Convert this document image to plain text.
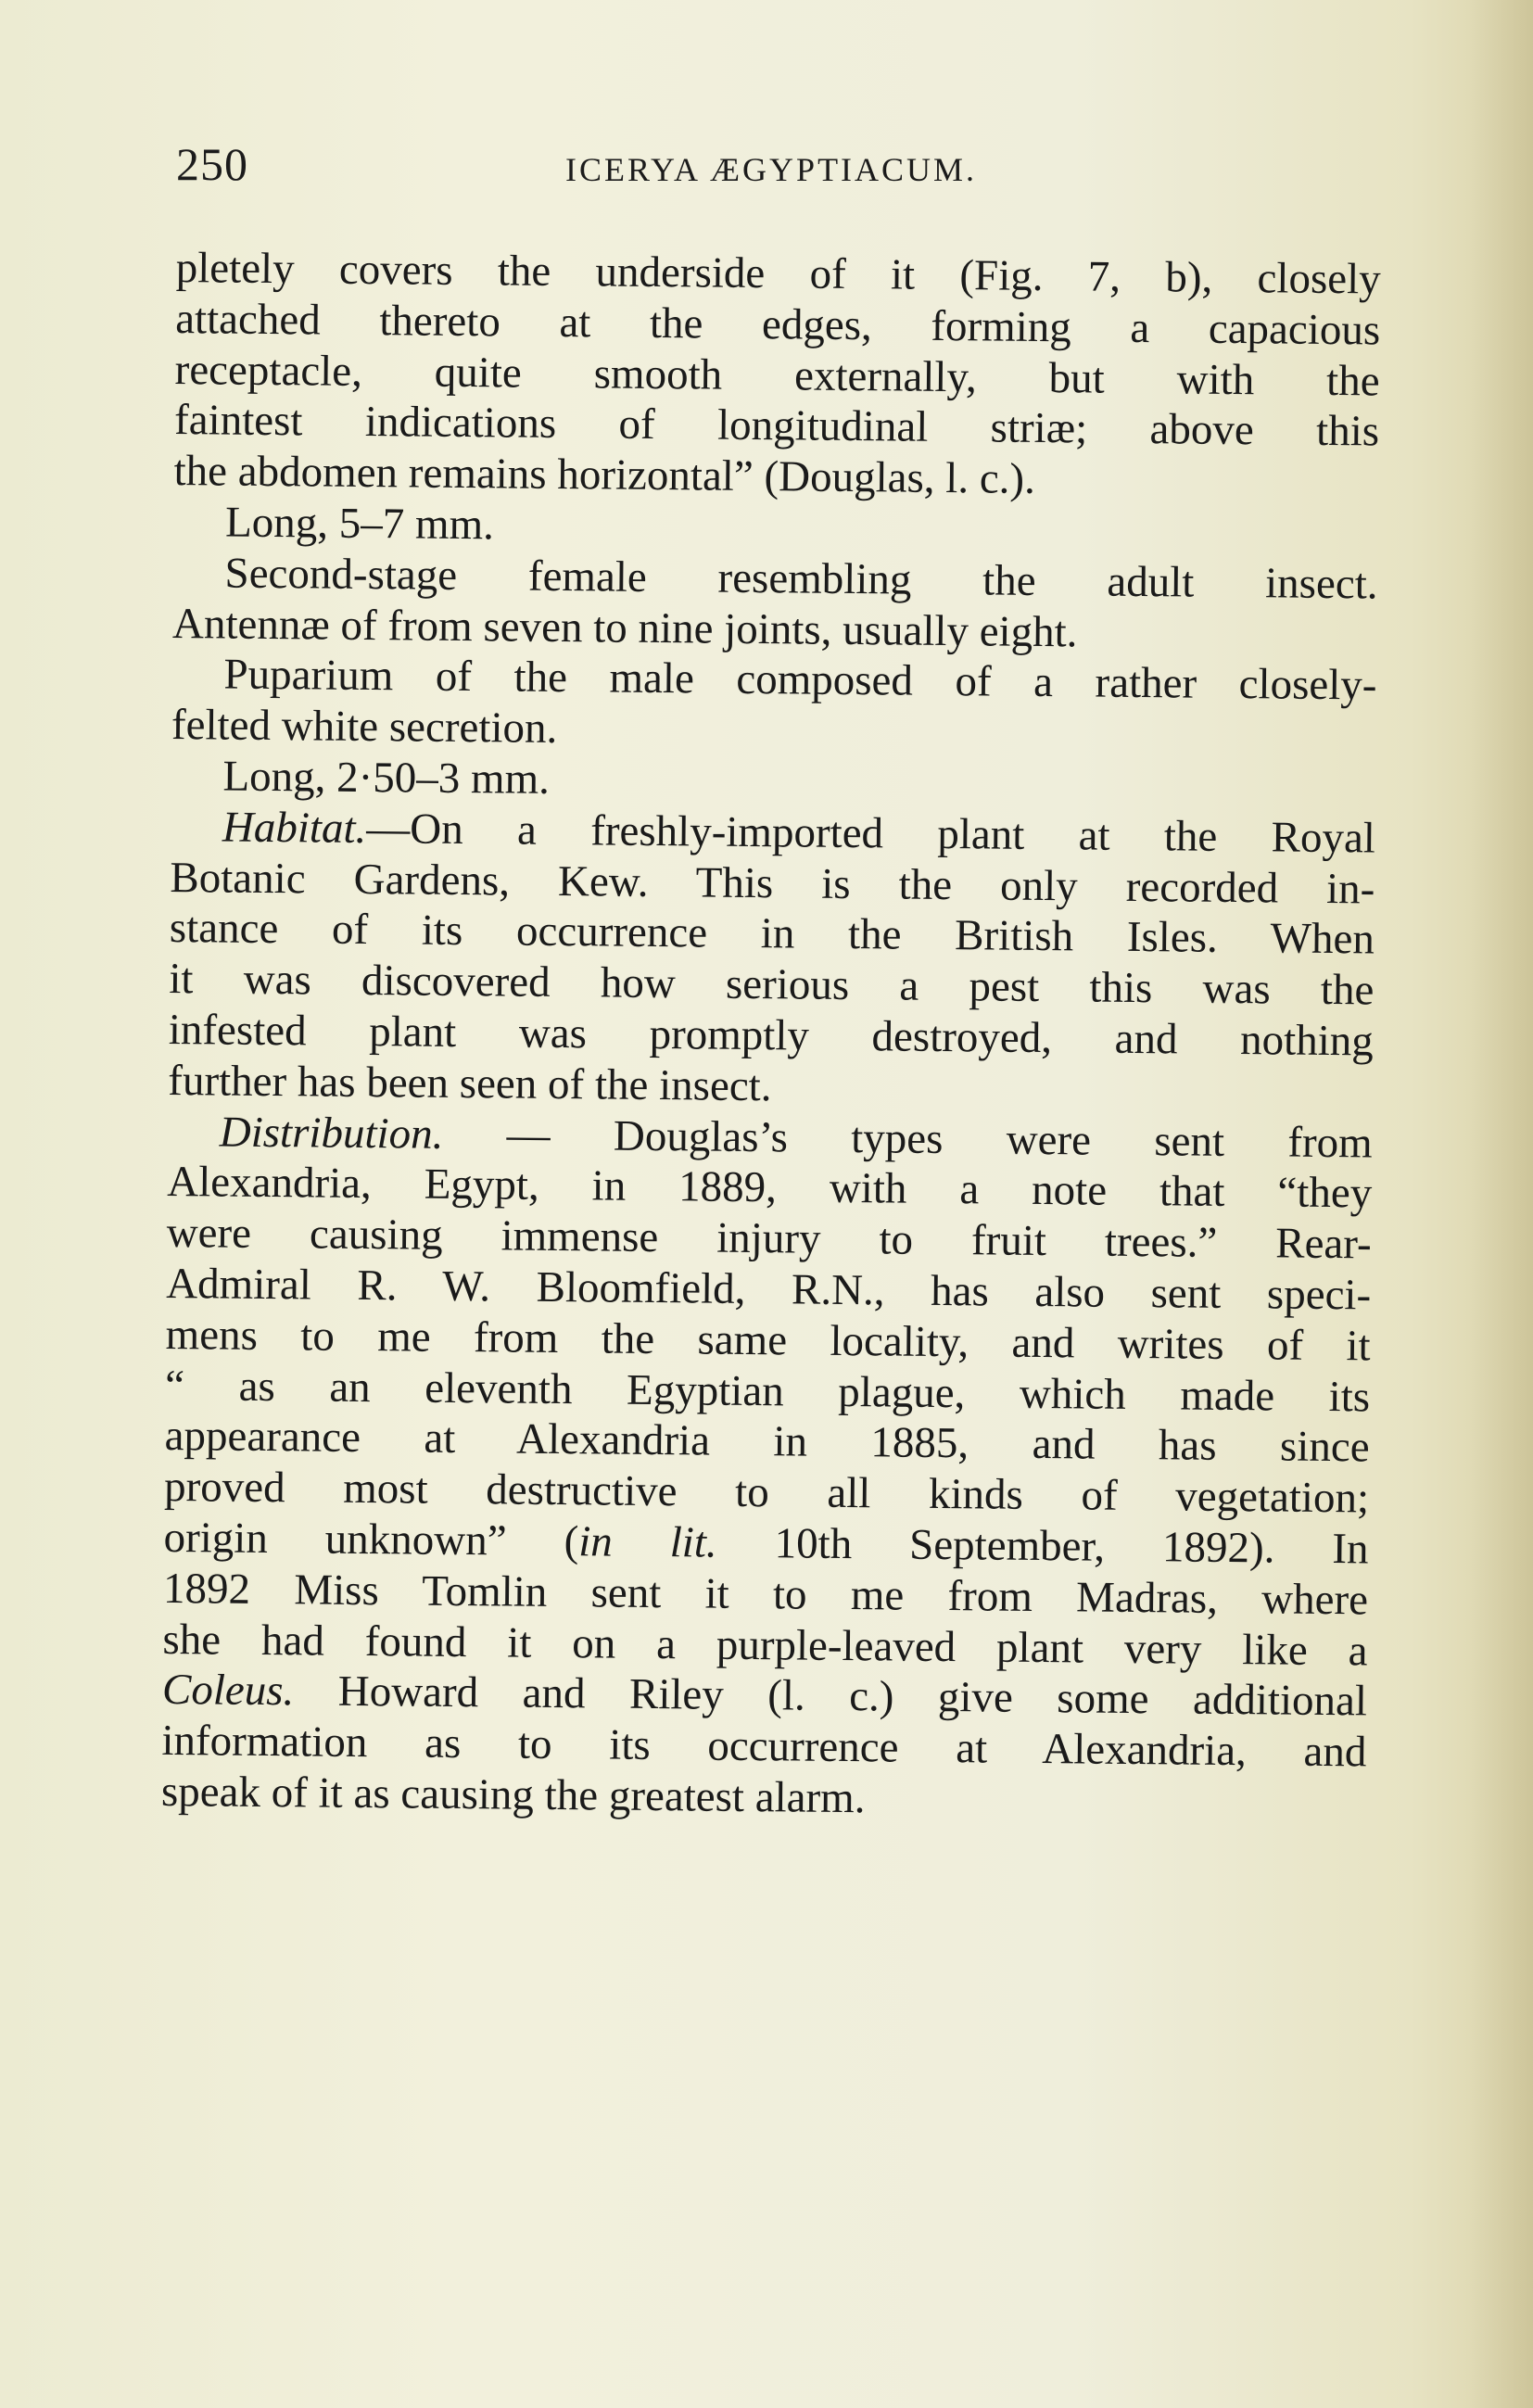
250	ICERYA ÆGYPTIACUM.
pletely covers the underside of it (Fig. 7, b), closely
attached thereto at the edges, forming a capacious
receptacle, quite smooth externally, but with the
faintest indications of longitudinal striæ; above this
the abdomen remains horizontal” (Douglas, l. c.).
Long, 5–7 mm.
Second-stage female resembling the adult insect.
Antennæ of from seven to nine joints, usually eight.
Puparium of the male composed of a rather closely-
felted white secretion.
Long, 2·50–3 mm.
Habitat.—On a freshly-imported plant at the Royal
Botanic Gardens, Kew. This is the only recorded in-
stance of its occurrence in the British Isles. When
it was discovered how serious a pest this was the
infested plant was promptly destroyed, and nothing
further has been seen of the insect.
Distribution. — Douglas’s types were sent from
Alexandria, Egypt, in 1889, with a note that “they
were causing immense injury to fruit trees.” Rear-
Admiral R. W. Bloomfield, R.N., has also sent speci-
mens to me from the same locality, and writes of it
“ as an eleventh Egyptian plague, which made its
appearance at Alexandria in 1885, and has since
proved most destructive to all kinds of vegetation;
origin unknown” (in lit. 10th September, 1892). In
1892 Miss Tomlin sent it to me from Madras, where
she had found it on a purple-leaved plant very like a
Coleus. Howard and Riley (l. c.) give some additional
information as to its occurrence at Alexandria, and
speak of it as causing the greatest alarm.
